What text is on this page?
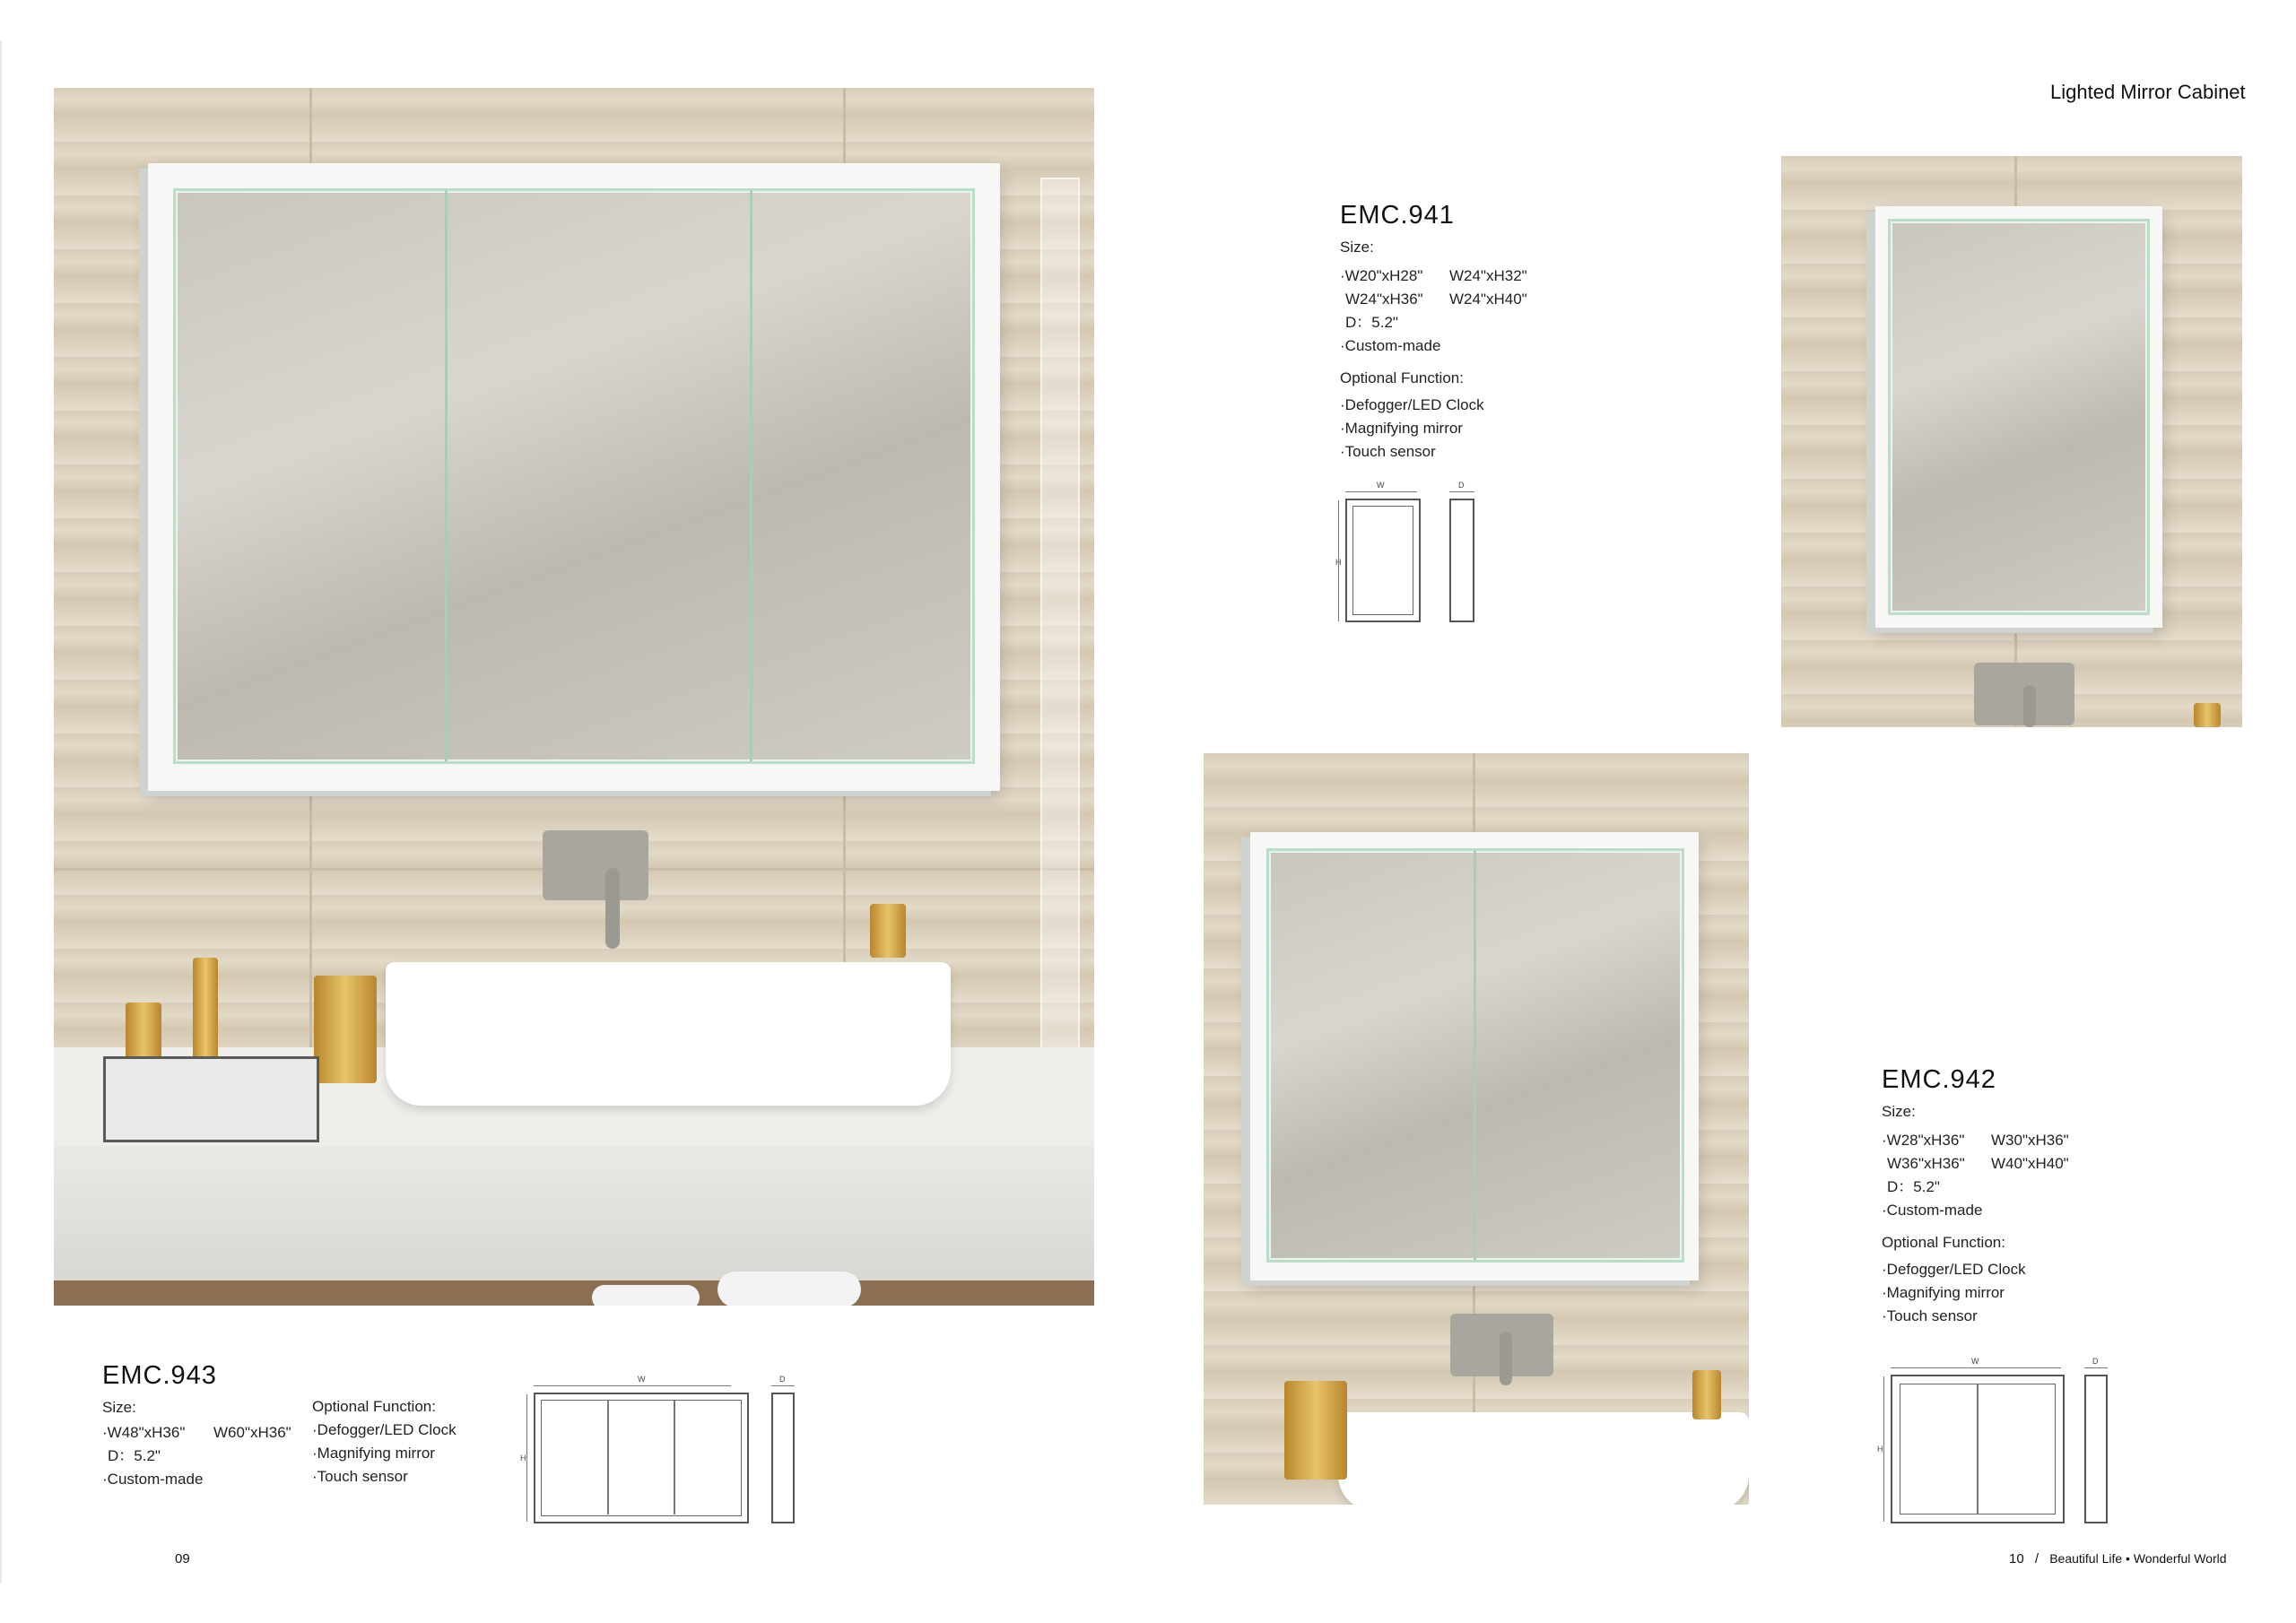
Lighted Mirror Cabinet
EMC.941
Size:
·W20"xH28" W24"xH32"
W24"xH36" W24"xH40"
D：5.2"
·Custom-made
Optional Function:
·Defogger/LED Clock
·Magnifying mirror
·Touch sensor
W
H
D
EMC.942
Size:
·W28"xH36" W30"xH36"
W36"xH36" W40"xH40"
D：5.2"
·Custom-made
Optional Function:
·Defogger/LED Clock
·Magnifying mirror
·Touch sensor
W
H
D
EMC.943
Size:
·W48"xH36" W60"xH36"
D：5.2"
·Custom-made
Optional Function:
·Defogger/LED Clock
·Magnifying mirror
·Touch sensor
W
H
D
09	10 / Beautiful Life • Wonderful World
